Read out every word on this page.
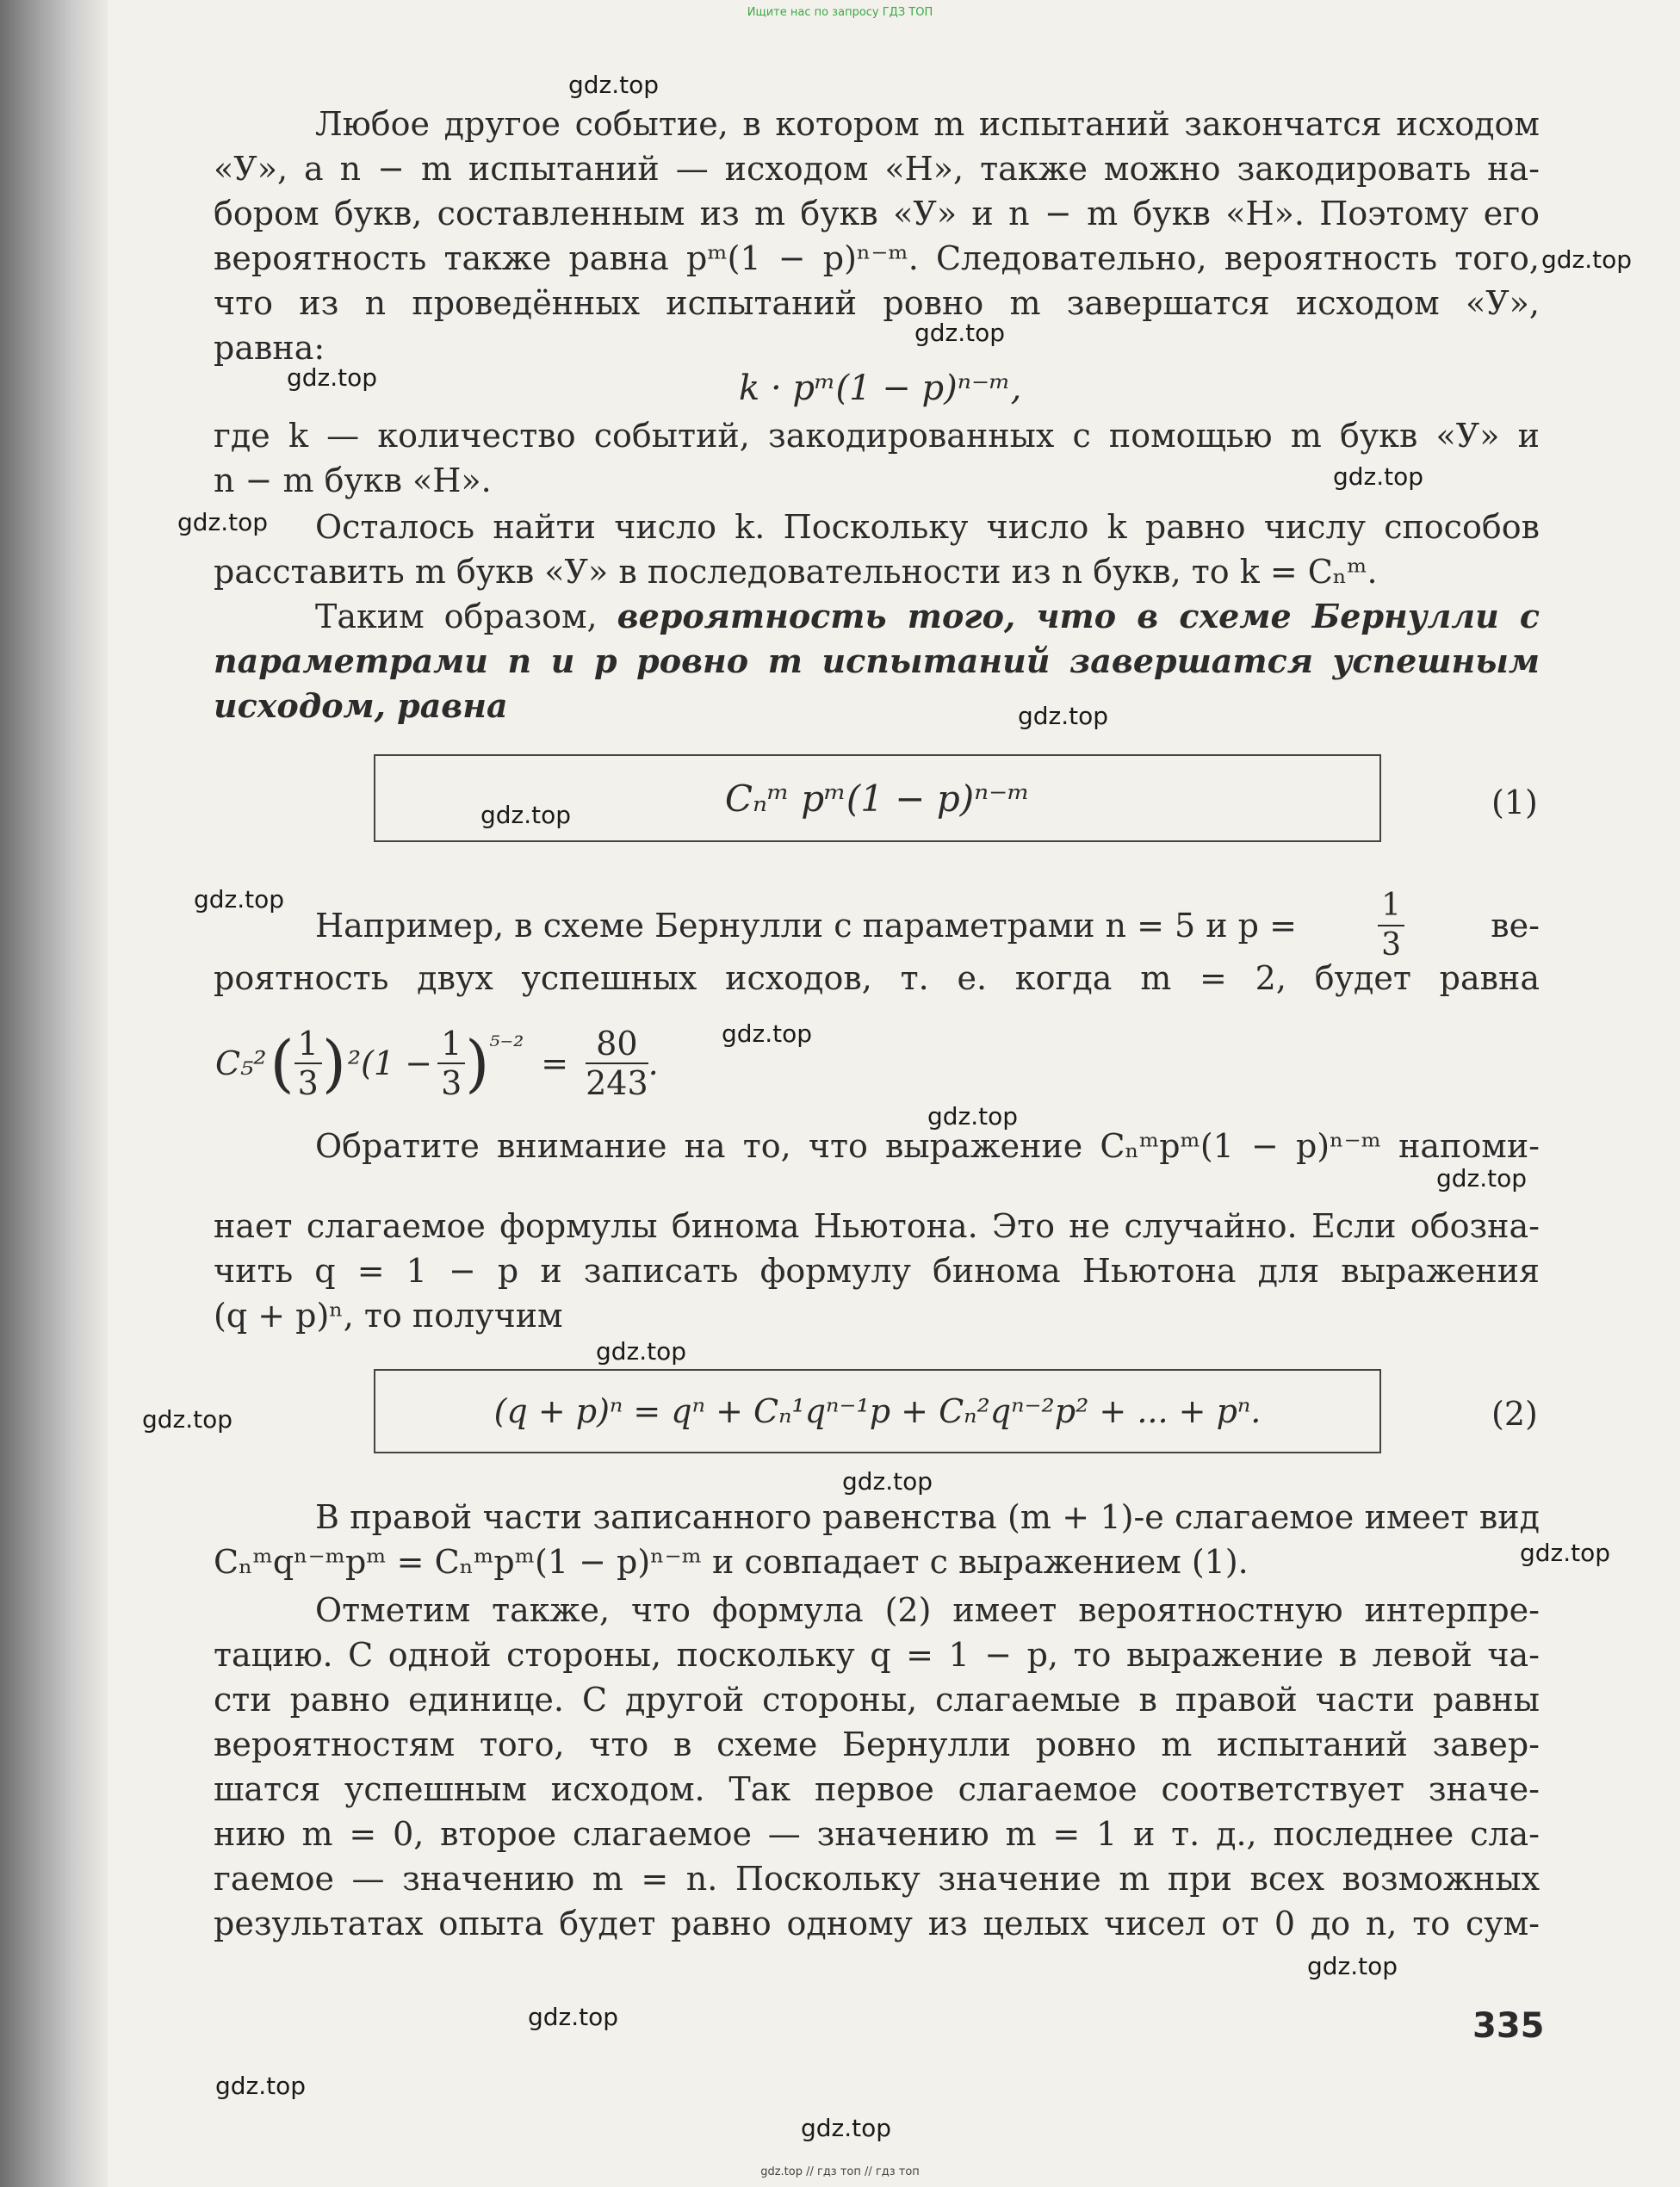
Ищите нас по запросу ГДЗ ТОП
gdz.top
gdz.top
gdz.top
gdz.top
gdz.top
gdz.top
gdz.top
gdz.top
gdz.top
gdz.top
gdz.top
gdz.top
gdz.top
gdz.top
gdz.top
gdz.top
gdz.top
gdz.top
gdz.top
gdz.top
Любое другое событие, в котором m испытаний закончатся исходом
«У», а n − m испытаний — исходом «Н», также можно закодировать на-
бором букв, составленным из m букв «У» и n − m букв «Н». Поэтому его
вероятность также равна pᵐ(1 − p)ⁿ⁻ᵐ. Следовательно, вероятность того,
что из n проведённых испытаний ровно m завершатся исходом «У»,
равна:
k · pᵐ(1 − p)ⁿ⁻ᵐ,
где k — количество событий, закодированных с помощью m букв «У» и
n − m букв «Н».
Осталось найти число k. Поскольку число k равно числу способов
расставить m букв «У» в последовательности из n букв, то k = Cₙᵐ.
Таким образом, вероятность того, что в схеме Бернулли с
параметрами n и p ровно m испытаний завершатся успешным
исходом, равна
Cₙᵐ pᵐ(1 − p)ⁿ⁻ᵐ	(1)
Например, в схеме Бернулли с параметрами n = 5 и p =	$\frac{1}{3}$	ве-
роятность двух успешных исходов, т. е. когда m = 2, будет равна
C₅² ( $\frac{1}{3}$ ) $^2(1 - \frac{1}{3}$ ) $^{5-2} = \frac{80}{243}$ .
Обратите внимание на то, что выражение Cₙᵐpᵐ(1 − p)ⁿ⁻ᵐ напоми-
нает слагаемое формулы бинома Ньютона. Это не случайно. Если обозна-
чить q = 1 − p и записать формулу бинома Ньютона для выражения
(q + p)ⁿ, то получим
(q + p)ⁿ = qⁿ + Cₙ¹qⁿ⁻¹p + Cₙ²qⁿ⁻²p² + ... + pⁿ.	(2)
В правой части записанного равенства (m + 1)-е слагаемое имеет вид
Cₙᵐqⁿ⁻ᵐpᵐ = Cₙᵐpᵐ(1 − p)ⁿ⁻ᵐ и совпадает с выражением (1).
Отметим также, что формула (2) имеет вероятностную интерпре-
тацию. С одной стороны, поскольку q = 1 − p, то выражение в левой ча-
сти равно единице. С другой стороны, слагаемые в правой части равны
вероятностям того, что в схеме Бернулли ровно m испытаний завер-
шатся успешным исходом. Так первое слагаемое соответствует значе-
нию m = 0, второе слагаемое — значению m = 1 и т. д., последнее сла-
гаемое — значению m = n. Поскольку значение m при всех возможных
результатах опыта будет равно одному из целых чисел от 0 до n, то сум-
335
gdz.top // гдз топ // гдз топ
